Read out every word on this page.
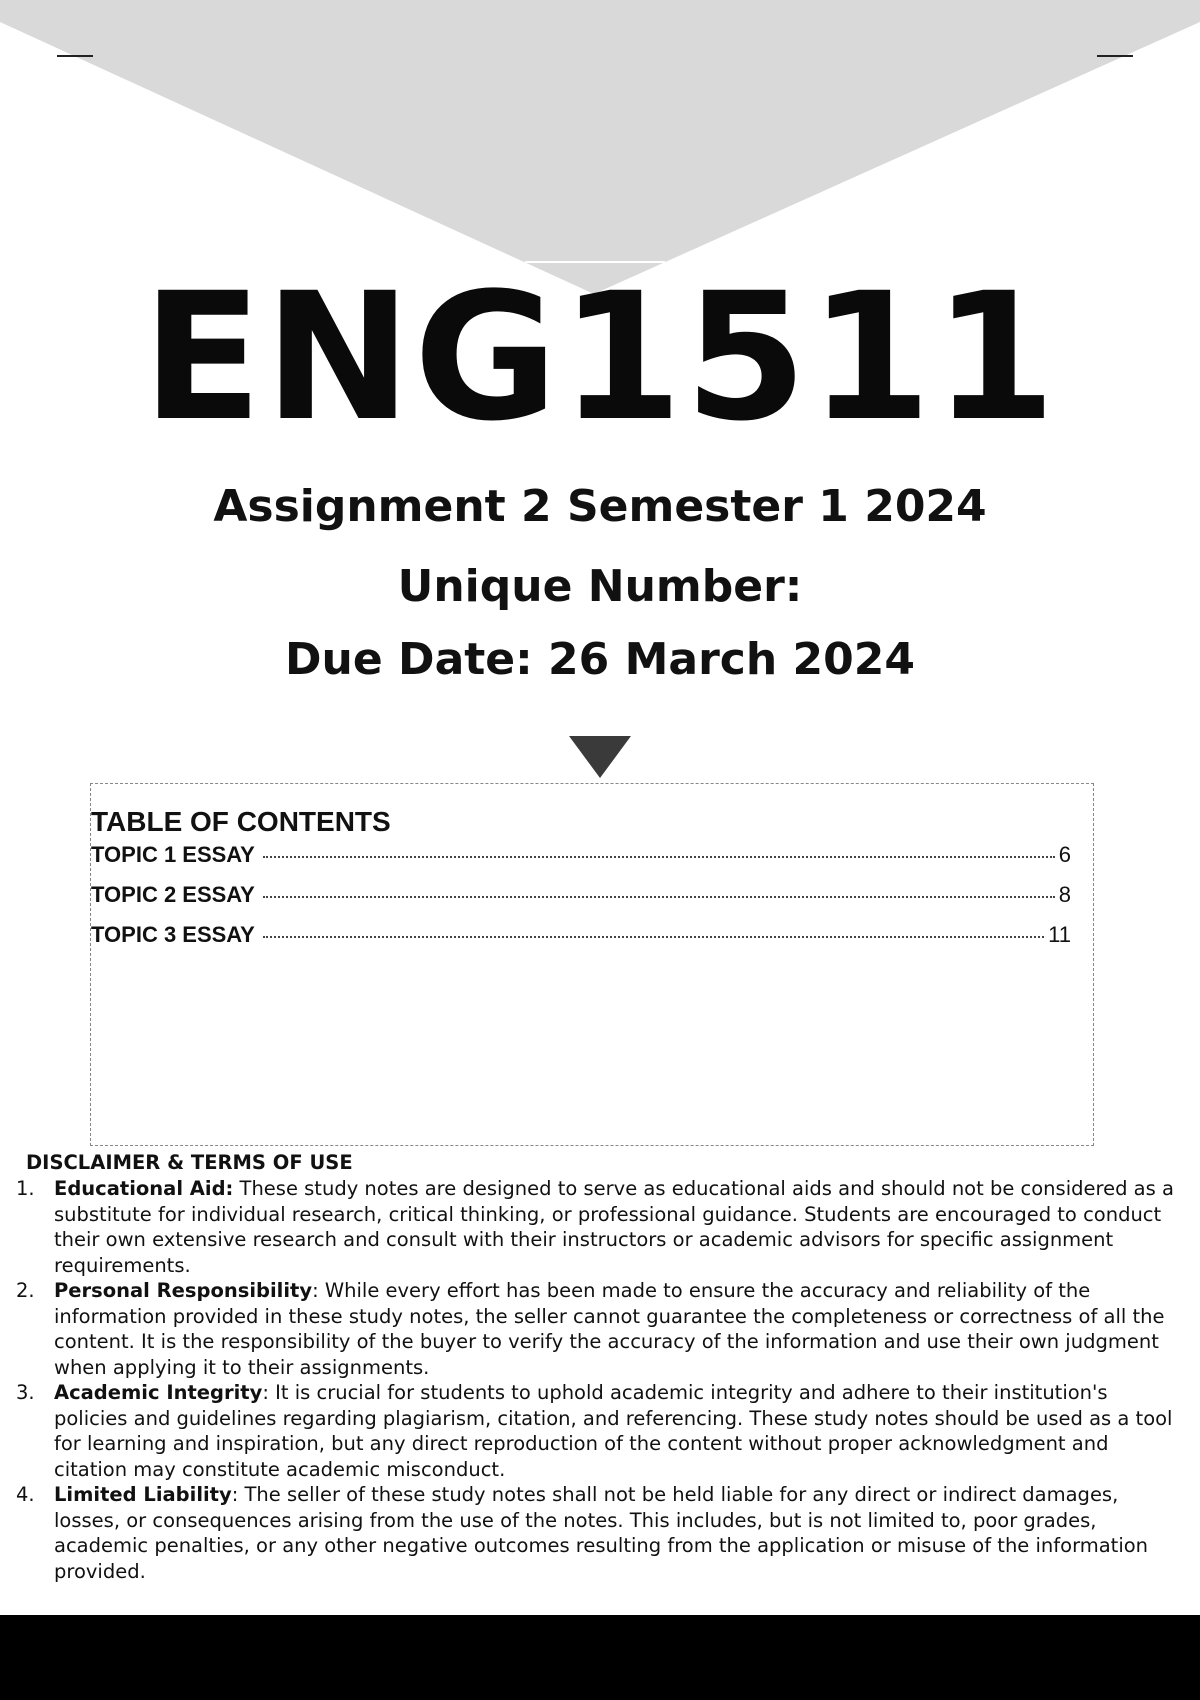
ENG1511
Assignment 2 Semester 1 2024
Unique Number:
Due Date: 26 March 2024
TABLE OF CONTENTS
TOPIC 1 ESSAY	6
TOPIC 2 ESSAY	8
TOPIC 3 ESSAY	11
DISCLAIMER & TERMS OF USE
1. Educational Aid: These study notes are designed to serve as educational aids and should not be considered as a substitute for individual research, critical thinking, or professional guidance. Students are encouraged to conduct their own extensive research and consult with their instructors or academic advisors for specific assignment requirements.
2. Personal Responsibility: While every effort has been made to ensure the accuracy and reliability of the information provided in these study notes, the seller cannot guarantee the completeness or correctness of all the content. It is the responsibility of the buyer to verify the accuracy of the information and use their own judgment when applying it to their assignments.
3. Academic Integrity: It is crucial for students to uphold academic integrity and adhere to their institution's policies and guidelines regarding plagiarism, citation, and referencing. These study notes should be used as a tool for learning and inspiration, but any direct reproduction of the content without proper acknowledgment and citation may constitute academic misconduct.
4. Limited Liability: The seller of these study notes shall not be held liable for any direct or indirect damages, losses, or consequences arising from the use of the notes. This includes, but is not limited to, poor grades, academic penalties, or any other negative outcomes resulting from the application or misuse of the information provided.
